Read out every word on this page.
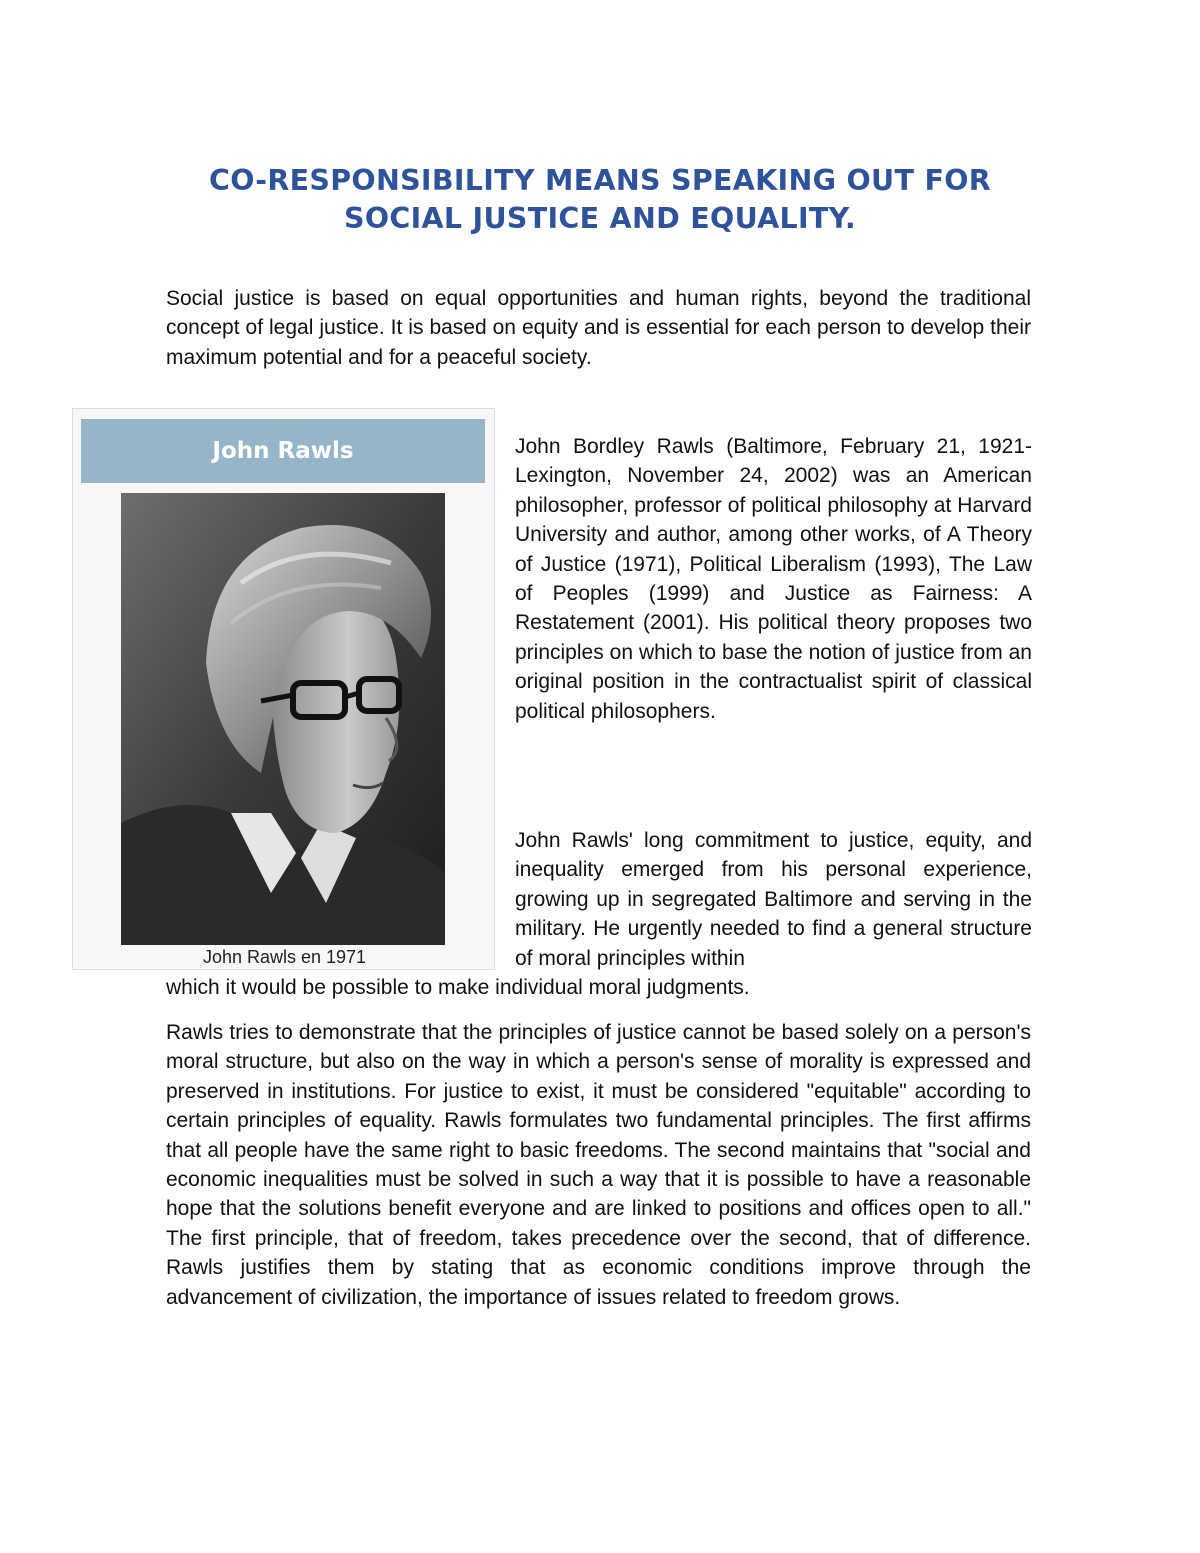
CO-RESPONSIBILITY MEANS SPEAKING OUT FOR
SOCIAL JUSTICE AND EQUALITY.

Social justice is based on equal opportunities and human rights, beyond the traditional concept of legal justice. It is based on equity and is essential for each person to develop their maximum potential and for a peaceful society.

John Rawls
John Rawls en 1971

John Bordley Rawls (Baltimore, February 21, 1921-Lexington, November 24, 2002) was an American philosopher, professor of political philosophy at Harvard University and author, among other works, of A Theory of Justice (1971), Political Liberalism (1993), The Law of Peoples (1999) and Justice as Fairness: A Restatement (2001). His political theory proposes two principles on which to base the notion of justice from an original position in the contractualist spirit of classical political philosophers.

John Rawls' long commitment to justice, equity, and inequality emerged from his personal experience, growing up in segregated Baltimore and serving in the military. He urgently needed to find a general structure of moral principles within

which it would be possible to make individual moral judgments.

Rawls tries to demonstrate that the principles of justice cannot be based solely on a person's moral structure, but also on the way in which a person's sense of morality is expressed and preserved in institutions. For justice to exist, it must be considered "equitable" according to certain principles of equality. Rawls formulates two fundamental principles. The first affirms that all people have the same right to basic freedoms. The second maintains that "social and economic inequalities must be solved in such a way that it is possible to have a reasonable hope that the solutions benefit everyone and are linked to positions and offices open to all." The first principle, that of freedom, takes precedence over the second, that of difference. Rawls justifies them by stating that as economic conditions improve through the advancement of civilization, the importance of issues related to freedom grows.
